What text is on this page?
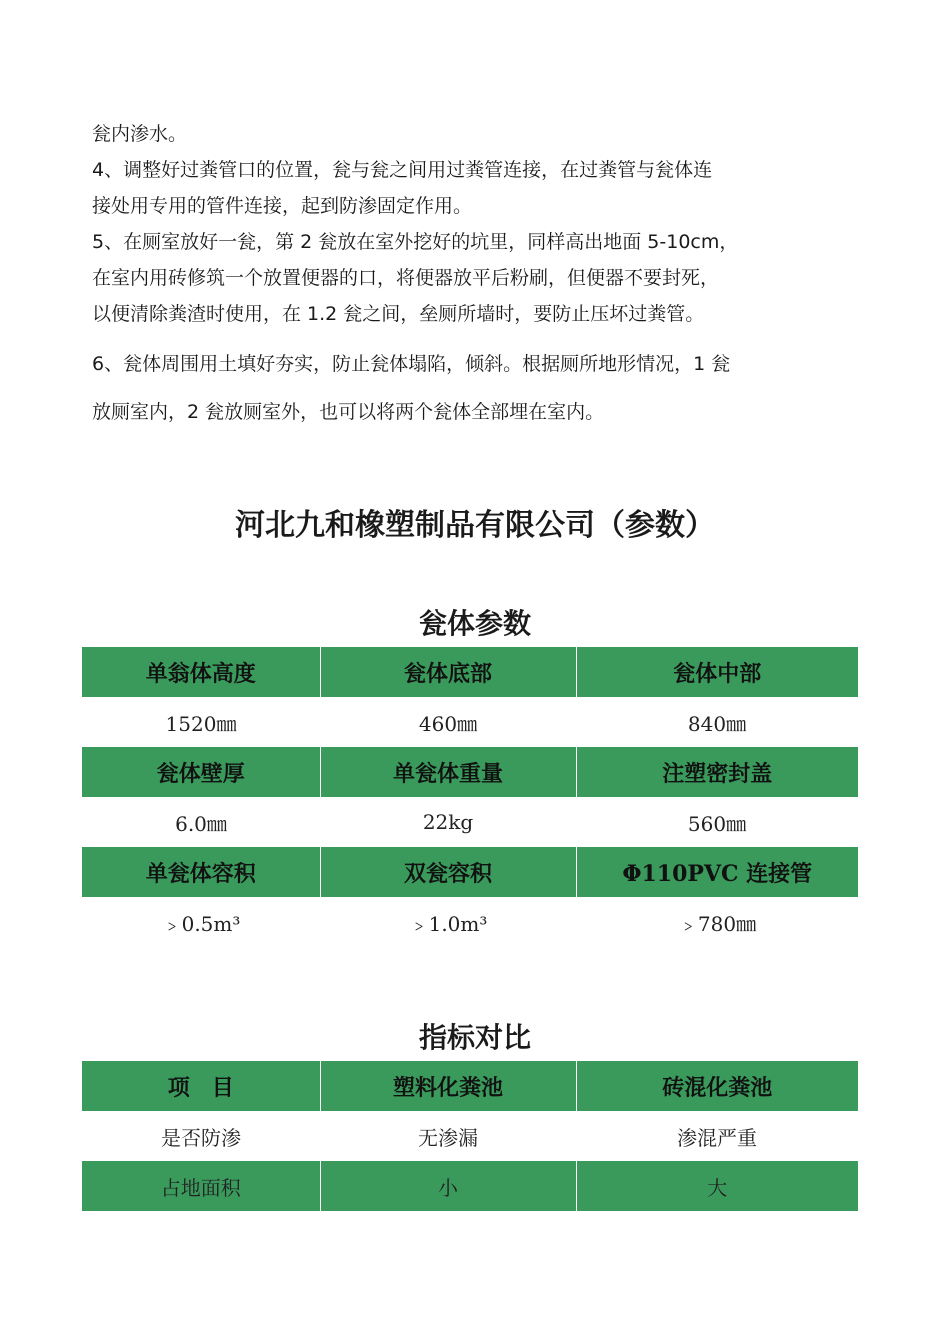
瓮内渗水。

4、调整好过粪管口的位置，瓮与瓮之间用过粪管连接，在过粪管与瓮体连
接处用专用的管件连接，起到防渗固定作用。

5、在厕室放好一瓮，第 2 瓮放在室外挖好的坑里，同样高出地面 5-10cm，
在室内用砖修筑一个放置便器的口，将便器放平后粉刷，但便器不要封死，
以便清除粪渣时使用，在 1.2 瓮之间，垒厕所墙时，要防止压坏过粪管。

6、瓮体周围用土填好夯实，防止瓮体塌陷，倾斜。根据厕所地形情况，1 瓮
放厕室内，2 瓮放厕室外，也可以将两个瓮体全部埋在室内。

河北九和橡塑制品有限公司（参数）
瓮体参数
单翁体高度	瓮体底部	瓮体中部
1520㎜	460㎜	840㎜
瓮体壁厚	单瓮体重量	注塑密封盖
6.0㎜	22kg	560㎜
单瓮体容积	双瓮容积	Φ110PVC 连接管
﹥0.5m³	﹥1.0m³	﹥780㎜
指标对比
项　目	塑料化粪池	砖混化粪池
是否防渗	无渗漏	渗混严重
占地面积	小	大
